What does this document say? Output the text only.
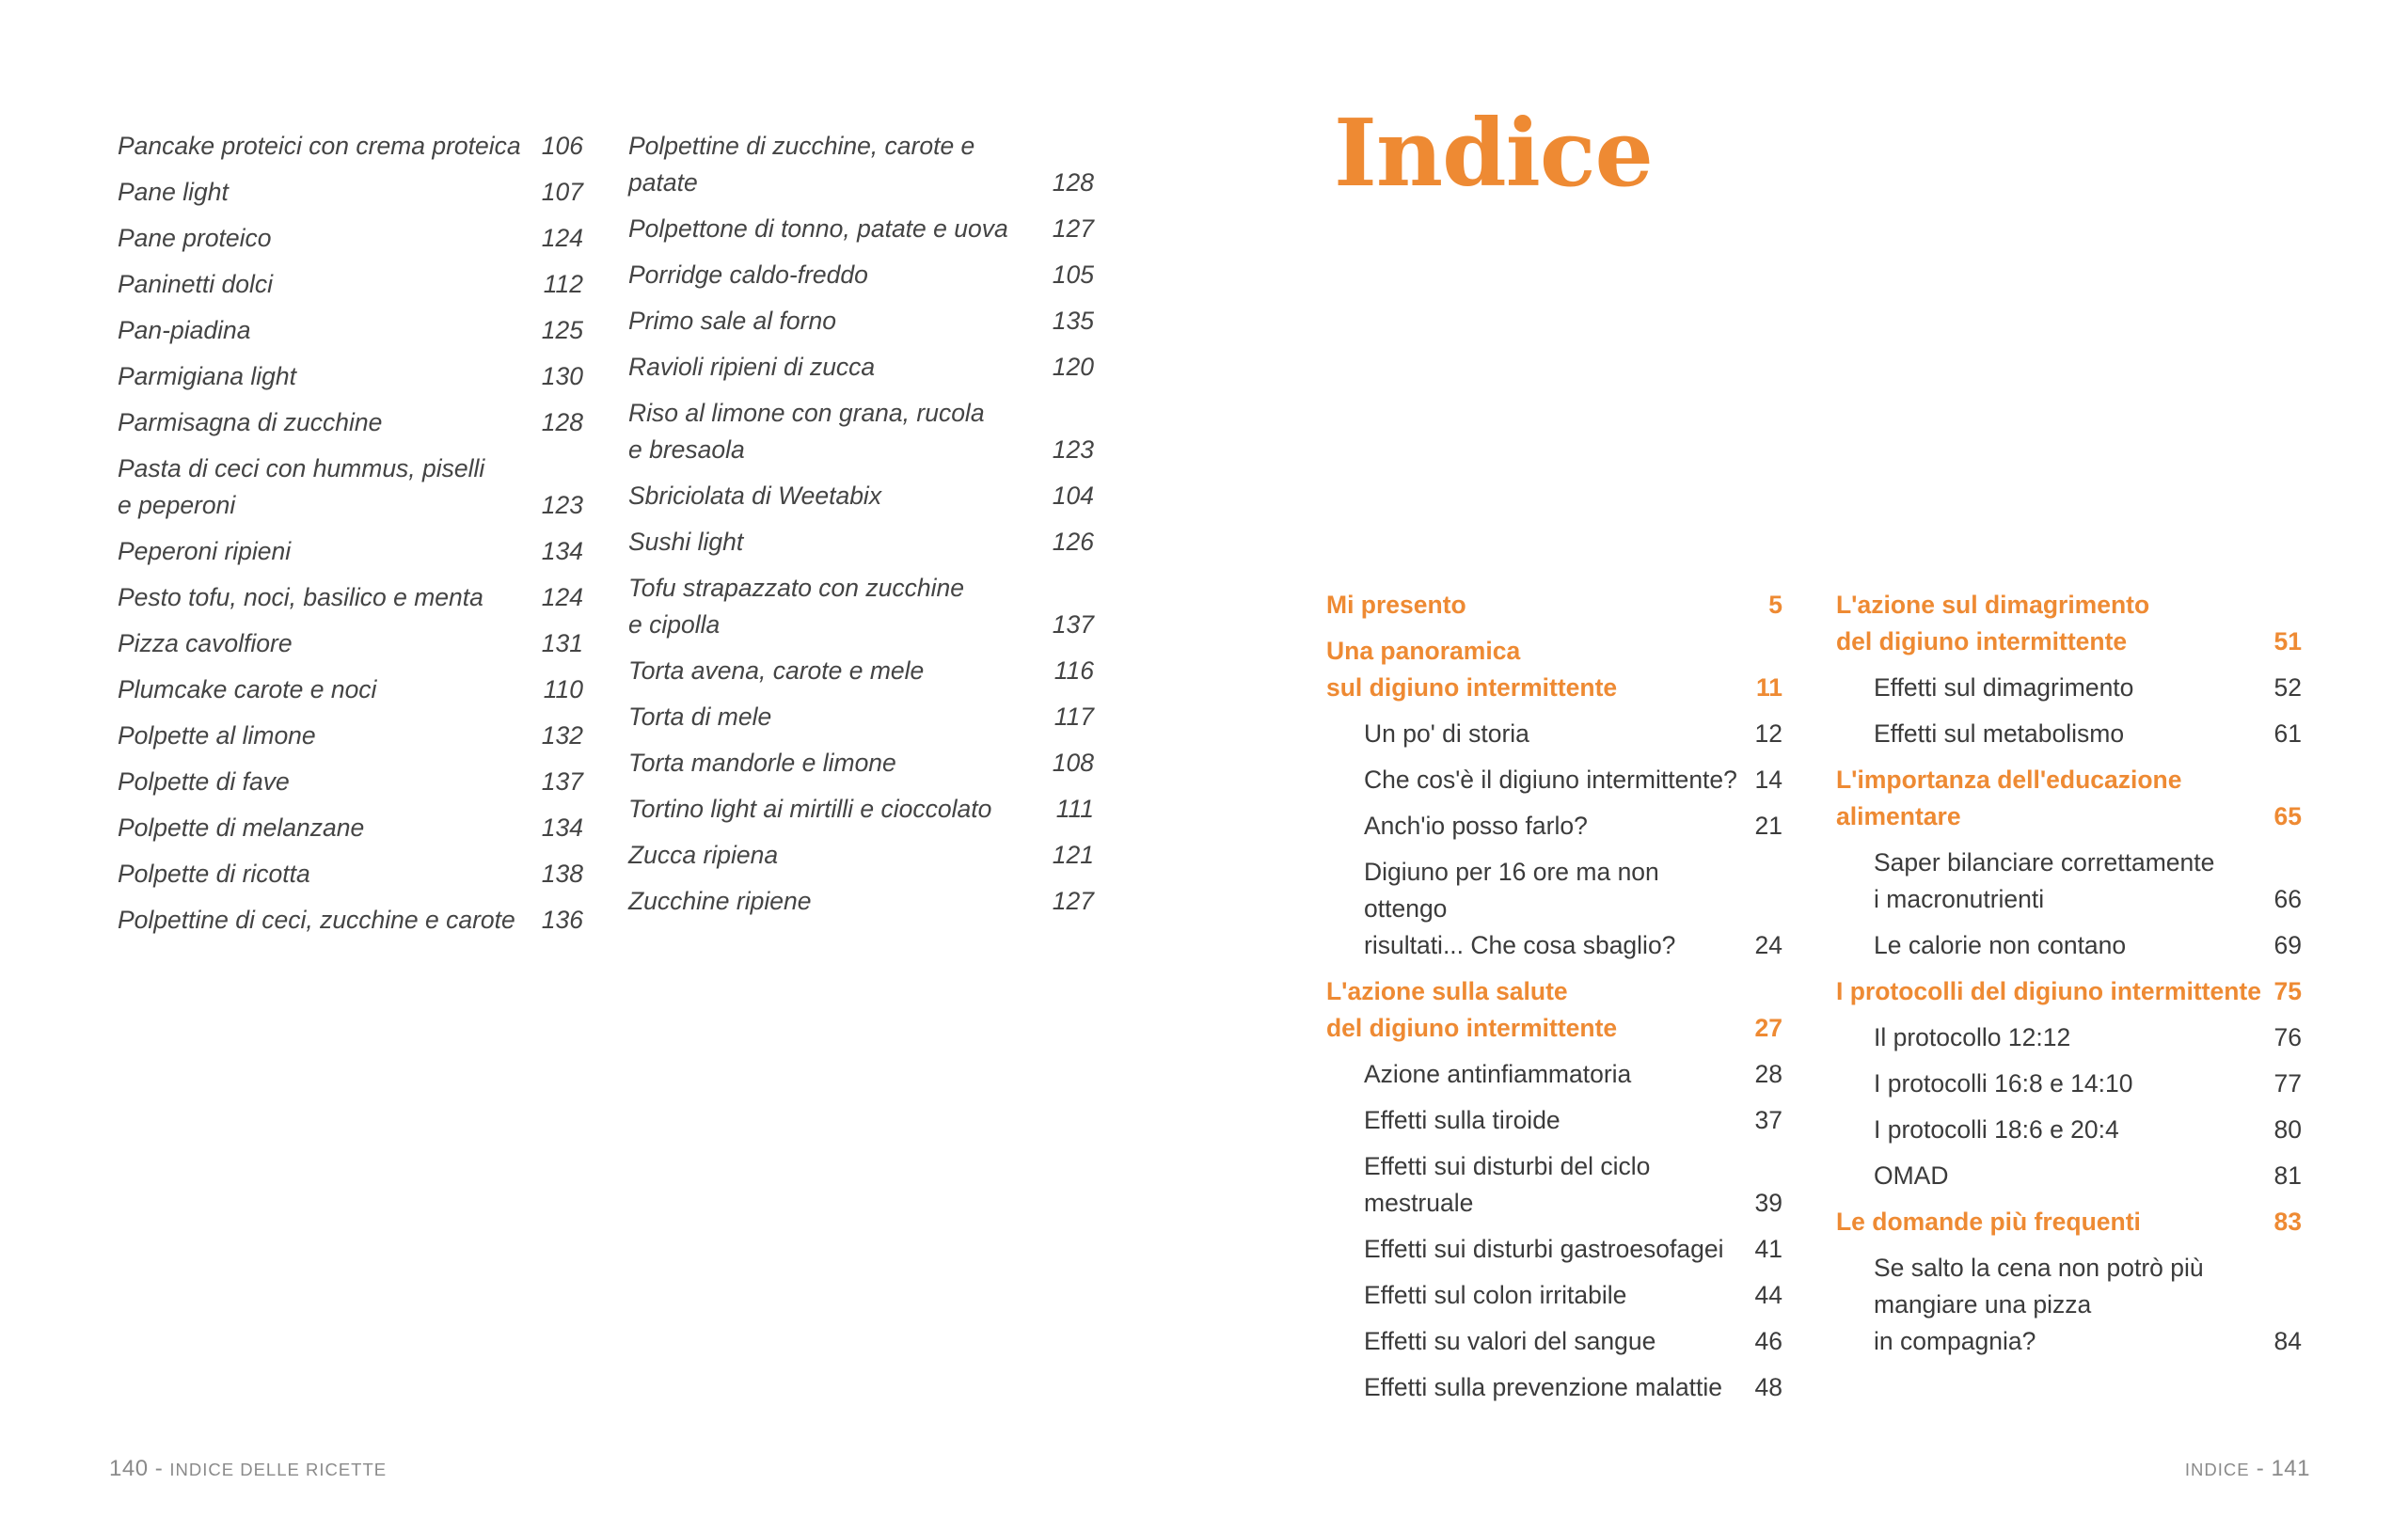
Pancake proteici con crema proteica 106
Pane light	107
Pane proteico	124
Paninetti dolci	112
Pan-piadina	125
Parmigiana light	130
Parmisagna di zucchine	128
Pasta di ceci con hummus, piselli
e peperoni	123
Peperoni ripieni	134
Pesto tofu, noci, basilico e menta	124
Pizza cavolfiore	131
Plumcake carote e noci	110
Polpette al limone	132
Polpette di fave	137
Polpette di melanzane	134
Polpette di ricotta	138
Polpettine di ceci, zucchine e carote	136
Polpettine di zucchine, carote e patate	128
Polpettone di tonno, patate e uova	127
Porridge caldo-freddo	105
Primo sale al forno	135
Ravioli ripieni di zucca	120
Riso al limone con grana, rucola
e bresaola	123
Sbriciolata di Weetabix	104
Sushi light	126
Tofu strapazzato con zucchine
e cipolla	137
Torta avena, carote e mele	116
Torta di mele	117
Torta mandorle e limone	108
Tortino light ai mirtilli e cioccolato	111
Zucca ripiena	121
Zucchine ripiene	127
140 - INDICE DELLE RICETTE
Indice
Mi presento	5
Una panoramica
sul digiuno intermittente	11
Un po' di storia	12
Che cos'è il digiuno intermittente? 14
Anch'io posso farlo?	21
Digiuno per 16 ore ma non ottengo
risultati... Che cosa sbaglio?	24
L'azione sulla salute
del digiuno intermittente	27
Azione antinfiammatoria	28
Effetti sulla tiroide	37
Effetti sui disturbi del ciclo
mestruale	39
Effetti sui disturbi gastroesofagei	41
Effetti sul colon irritabile	44
Effetti su valori del sangue	46
Effetti sulla prevenzione malattie	48
L'azione sul dimagrimento
del digiuno intermittente	51
Effetti sul dimagrimento	52
Effetti sul metabolismo	61
L'importanza dell'educazione
alimentare	65
Saper bilanciare correttamente
i macronutrienti	66
Le calorie non contano	69
I protocolli del digiuno intermittente 75
Il protocollo 12:12	76
I protocolli 16:8 e 14:10	77
I protocolli 18:6 e 20:4	80
OMAD	81
Le domande più frequenti	83
Se salto la cena non potrò più
mangiare una pizza
in compagnia?	84
INDICE - 141
